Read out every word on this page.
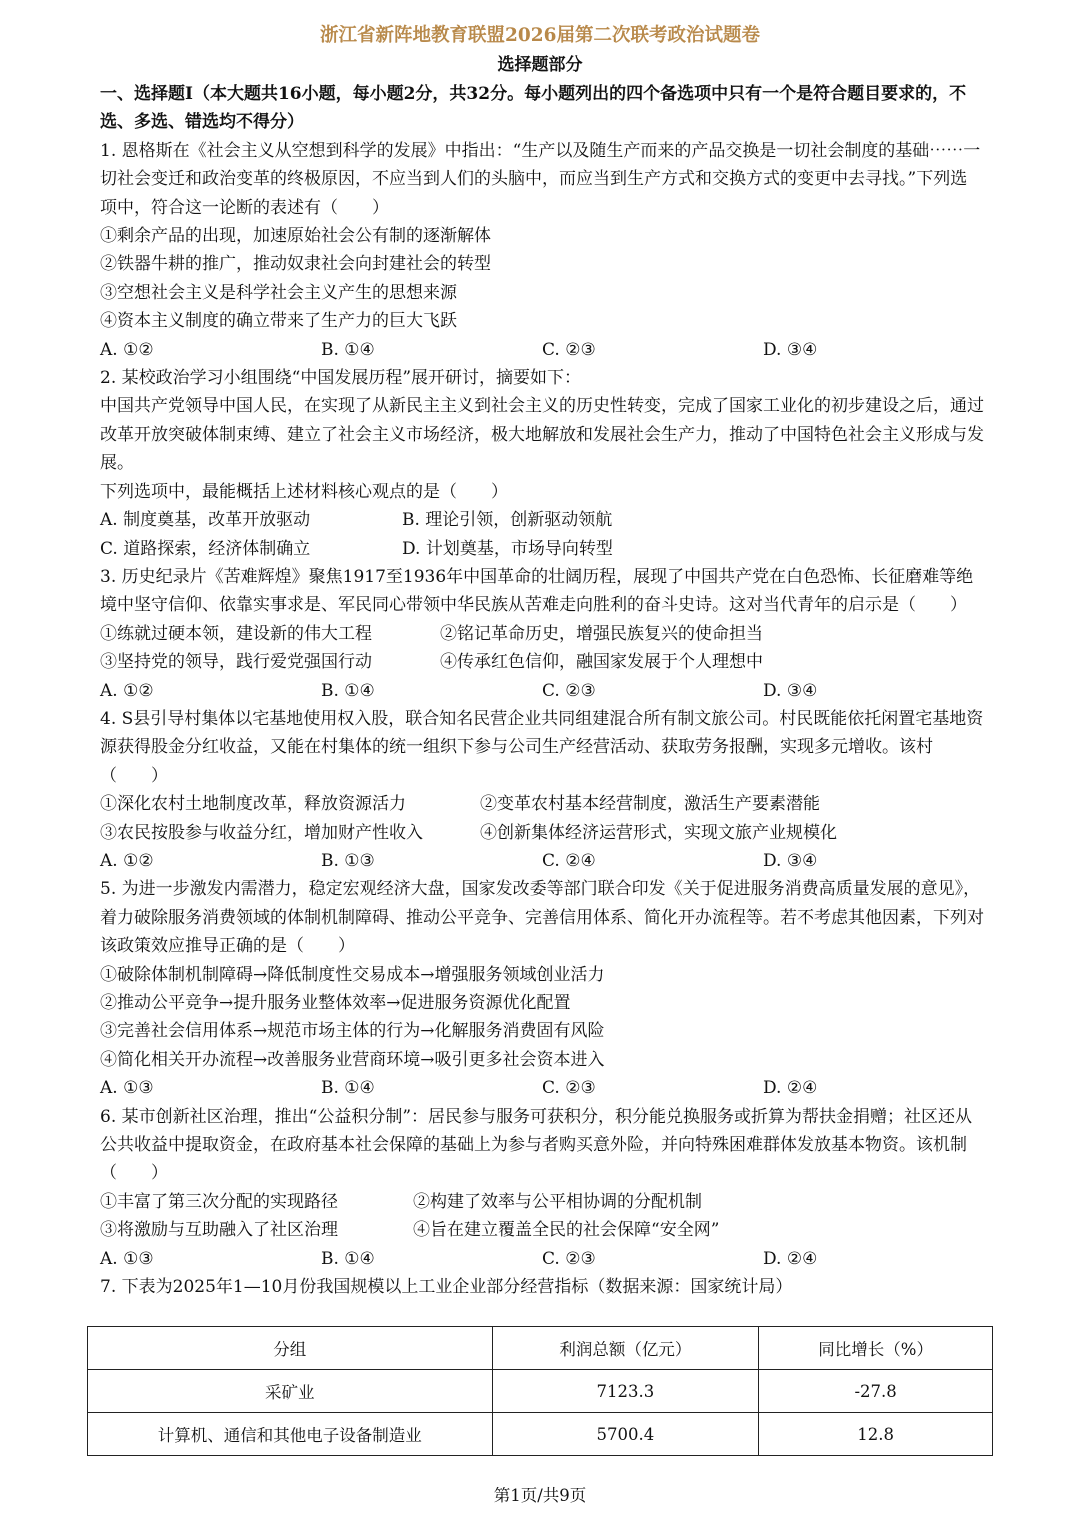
浙江省新阵地教育联盟2026届第二次联考政治试题卷
选择题部分

一、选择题Ⅰ（本大题共16小题，每小题2分，共32分。每小题列出的四个备选项中只有一个是符合题目要求的，不选、多选、错选均不得分）

1. 恩格斯在《社会主义从空想到科学的发展》中指出：“生产以及随生产而来的产品交换是一切社会制度的基础⋯⋯一切社会变迁和政治变革的终极原因，不应当到人们的头脑中，而应当到生产方式和交换方式的变更中去寻找。”下列选项中，符合这一论断的表述有（　　）

①剩余产品的出现，加速原始社会公有制的逐渐解体

②铁器牛耕的推广，推动奴隶社会向封建社会的转型

③空想社会主义是科学社会主义产生的思想来源

④资本主义制度的确立带来了生产力的巨大飞跃

A. ①②	B. ①④	C. ②③	D. ③④

2. 某校政治学习小组围绕“中国发展历程”展开研讨，摘要如下：

中国共产党领导中国人民，在实现了从新民主主义到社会主义的历史性转变，完成了国家工业化的初步建设之后，通过改革开放突破体制束缚、建立了社会主义市场经济，极大地解放和发展社会生产力，推动了中国特色社会主义形成与发展。

下列选项中，最能概括上述材料核心观点的是（　　）

A. 制度奠基，改革开放驱动	B. 理论引领，创新驱动领航
C. 道路探索，经济体制确立	D. 计划奠基，市场导向转型

3. 历史纪录片《苦难辉煌》聚焦1917至1936年中国革命的壮阔历程，展现了中国共产党在白色恐怖、长征磨难等绝境中坚守信仰、依靠实事求是、军民同心带领中华民族从苦难走向胜利的奋斗史诗。这对当代青年的启示是（　　）

①练就过硬本领，建设新的伟大工程	②铭记革命历史，增强民族复兴的使命担当
③坚持党的领导，践行爱党强国行动	④传承红色信仰，融国家发展于个人理想中
A. ①②	B. ①④	C. ②③	D. ③④

4. S县引导村集体以宅基地使用权入股，联合知名民营企业共同组建混合所有制文旅公司。村民既能依托闲置宅基地资源获得股金分红收益，又能在村集体的统一组织下参与公司生产经营活动、获取劳务报酬，实现多元增收。该村（　　）

①深化农村土地制度改革，释放资源活力	②变革农村基本经营制度，激活生产要素潜能
③农民按股参与收益分红，增加财产性收入	④创新集体经济运营形式，实现文旅产业规模化
A. ①②	B. ①③	C. ②④	D. ③④

5. 为进一步激发内需潜力，稳定宏观经济大盘，国家发改委等部门联合印发《关于促进服务消费高质量发展的意见》，着力破除服务消费领域的体制机制障碍、推动公平竞争、完善信用体系、简化开办流程等。若不考虑其他因素，下列对该政策效应推导正确的是（　　）

①破除体制机制障碍→降低制度性交易成本→增强服务领域创业活力

②推动公平竞争→提升服务业整体效率→促进服务资源优化配置

③完善社会信用体系→规范市场主体的行为→化解服务消费固有风险

④简化相关开办流程→改善服务业营商环境→吸引更多社会资本进入

A. ①③	B. ①④	C. ②③	D. ②④

6. 某市创新社区治理，推出“公益积分制”：居民参与服务可获积分，积分能兑换服务或折算为帮扶金捐赠；社区还从公共收益中提取资金，在政府基本社会保障的基础上为参与者购买意外险，并向特殊困难群体发放基本物资。该机制（　　）

①丰富了第三次分配的实现路径	②构建了效率与公平相协调的分配机制
③将激励与互助融入了社区治理	④旨在建立覆盖全民的社会保障“安全网”
A. ①③	B. ①④	C. ②③	D. ②④

7. 下表为2025年1—10月份我国规模以上工业企业部分经营指标（数据来源：国家统计局）

分组	利润总额（亿元）	同比增长（%）
采矿业	7123.3	-27.8
计算机、通信和其他电子设备制造业	5700.4	12.8
第1页/共9页
